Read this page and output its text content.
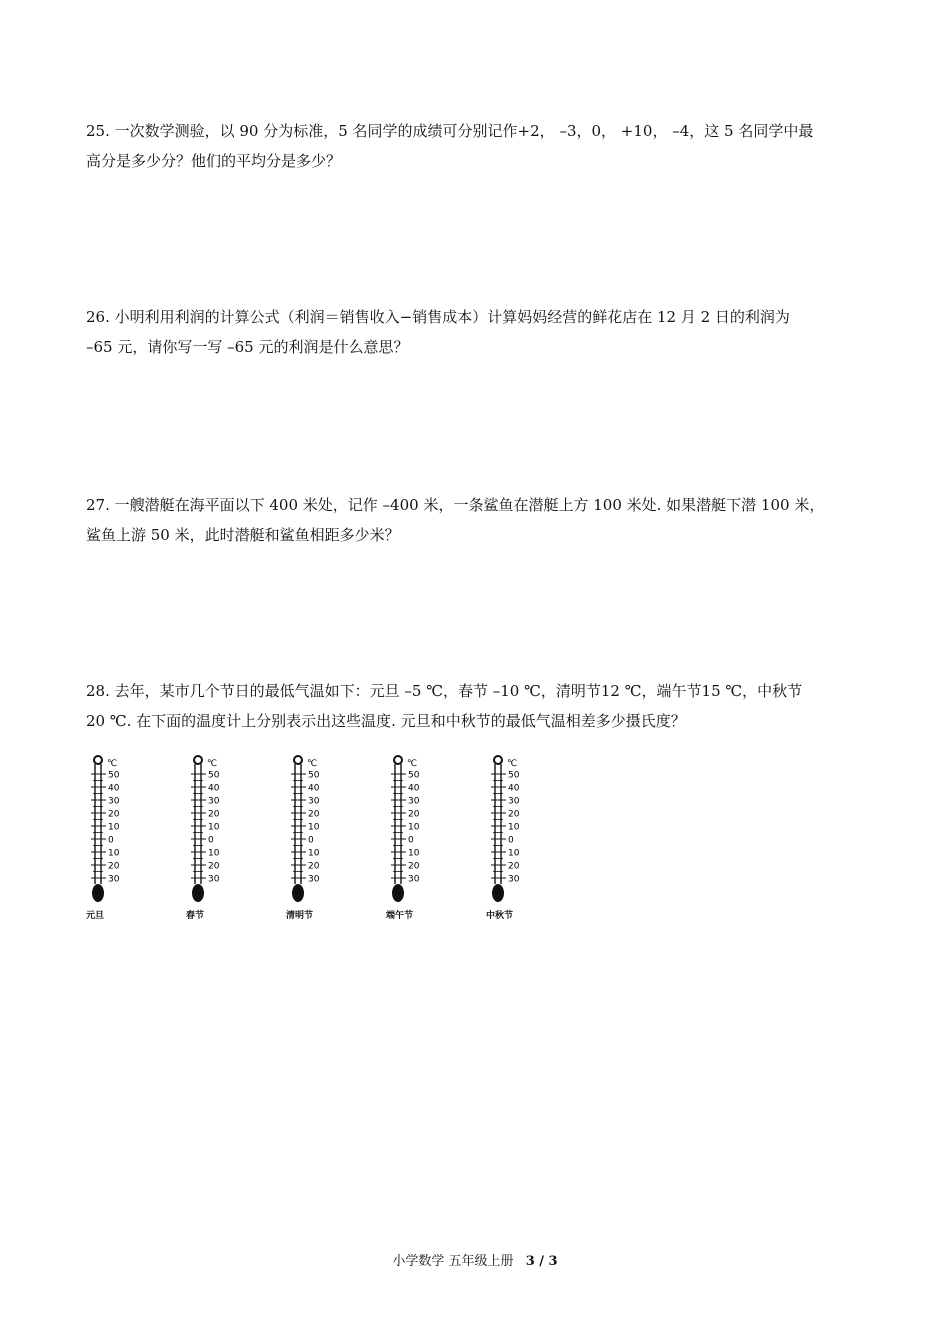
25. 一次数学测验，以 90 分为标准，5 名同学的成绩可分别记作+2， –3，0， +10， –4，这 5 名同学中最
高分是多少分？他们的平均分是多少？
26. 小明利用利润的计算公式（利润＝销售收入−销售成本）计算妈妈经营的鲜花店在 12 月 2 日的利润为
–65 元，请你写一写 –65 元的利润是什么意思？
27. 一艘潜艇在海平面以下 400 米处，记作 –400 米，一条鲨鱼在潜艇上方 100 米处. 如果潜艇下潜 100 米，
鲨鱼上游 50 米，此时潜艇和鲨鱼相距多少米？
28. 去年，某市几个节日的最低气温如下：元旦 –5 ℃，春节 –10 ℃，清明节12 ℃，端午节15 ℃，中秋节
20 ℃. 在下面的温度计上分别表示出这些温度. 元旦和中秋节的最低气温相差多少摄氏度？
℃
50
40
30
20
10
0
10
20
30
元旦
℃
50
40
30
20
10
0
10
20
30
春节
℃
50
40
30
20
10
0
10
20
30
清明节
℃
50
40
30
20
10
0
10
20
30
端午节
℃
50
40
30
20
10
0
10
20
30
中秋节
小学数学 五年级上册 3 / 3
